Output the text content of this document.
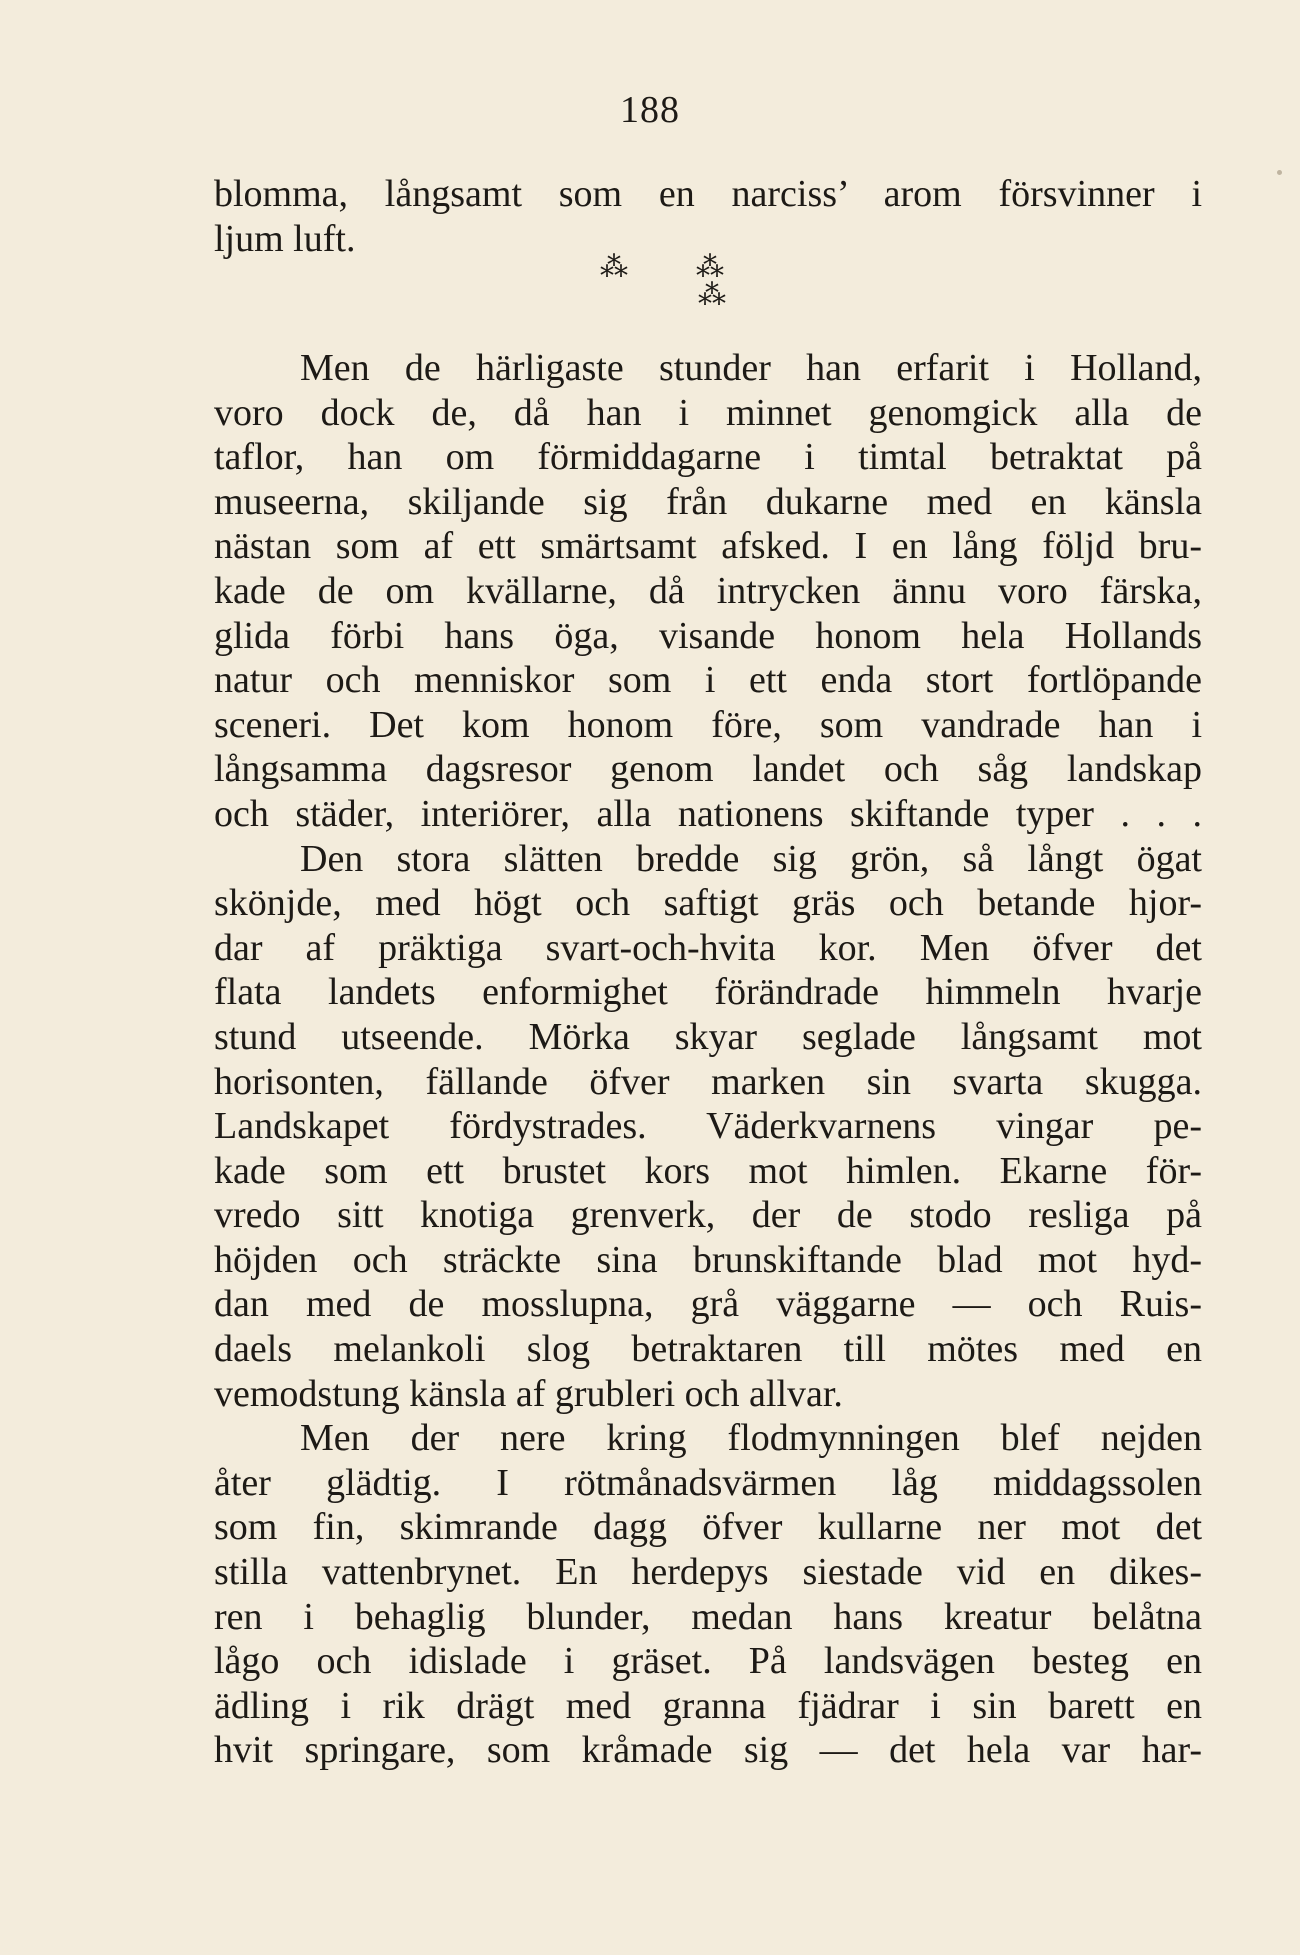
188
blomma, långsamt som en narciss’ arom försvinner i
ljum luft.
⁂ ⁂
⁂
Men de härligaste stunder han erfarit i Holland,
voro dock de, då han i minnet genomgick alla de
taflor, han om förmiddagarne i timtal betraktat på
museerna, skiljande sig från dukarne med en känsla
nästan som af ett smärtsamt afsked. I en lång följd bru-
kade de om kvällarne, då intrycken ännu voro färska,
glida förbi hans öga, visande honom hela Hollands
natur och menniskor som i ett enda stort fortlöpande
sceneri. Det kom honom före, som vandrade han i
långsamma dagsresor genom landet och såg landskap
och städer, interiörer, alla nationens skiftande typer . . .
Den stora slätten bredde sig grön, så långt ögat
skönjde, med högt och saftigt gräs och betande hjor-
dar af präktiga svart-och-hvita kor. Men öfver det
flata landets enformighet förändrade himmeln hvarje
stund utseende. Mörka skyar seglade långsamt mot
horisonten, fällande öfver marken sin svarta skugga.
Landskapet fördystrades. Väderkvarnens vingar pe-
kade som ett brustet kors mot himlen. Ekarne för-
vredo sitt knotiga grenverk, der de stodo resliga på
höjden och sträckte sina brunskiftande blad mot hyd-
dan med de mosslupna, grå väggarne — och Ruis-
daels melankoli slog betraktaren till mötes med en
vemodstung känsla af grubleri och allvar.
Men der nere kring flodmynningen blef nejden
åter glädtig. I rötmånadsvärmen låg middagssolen
som fin, skimrande dagg öfver kullarne ner mot det
stilla vattenbrynet. En herdepys siestade vid en dikes-
ren i behaglig blunder, medan hans kreatur belåtna
lågo och idislade i gräset. På landsvägen besteg en
ädling i rik drägt med granna fjädrar i sin barett en
hvit springare, som kråmade sig — det hela var har-
